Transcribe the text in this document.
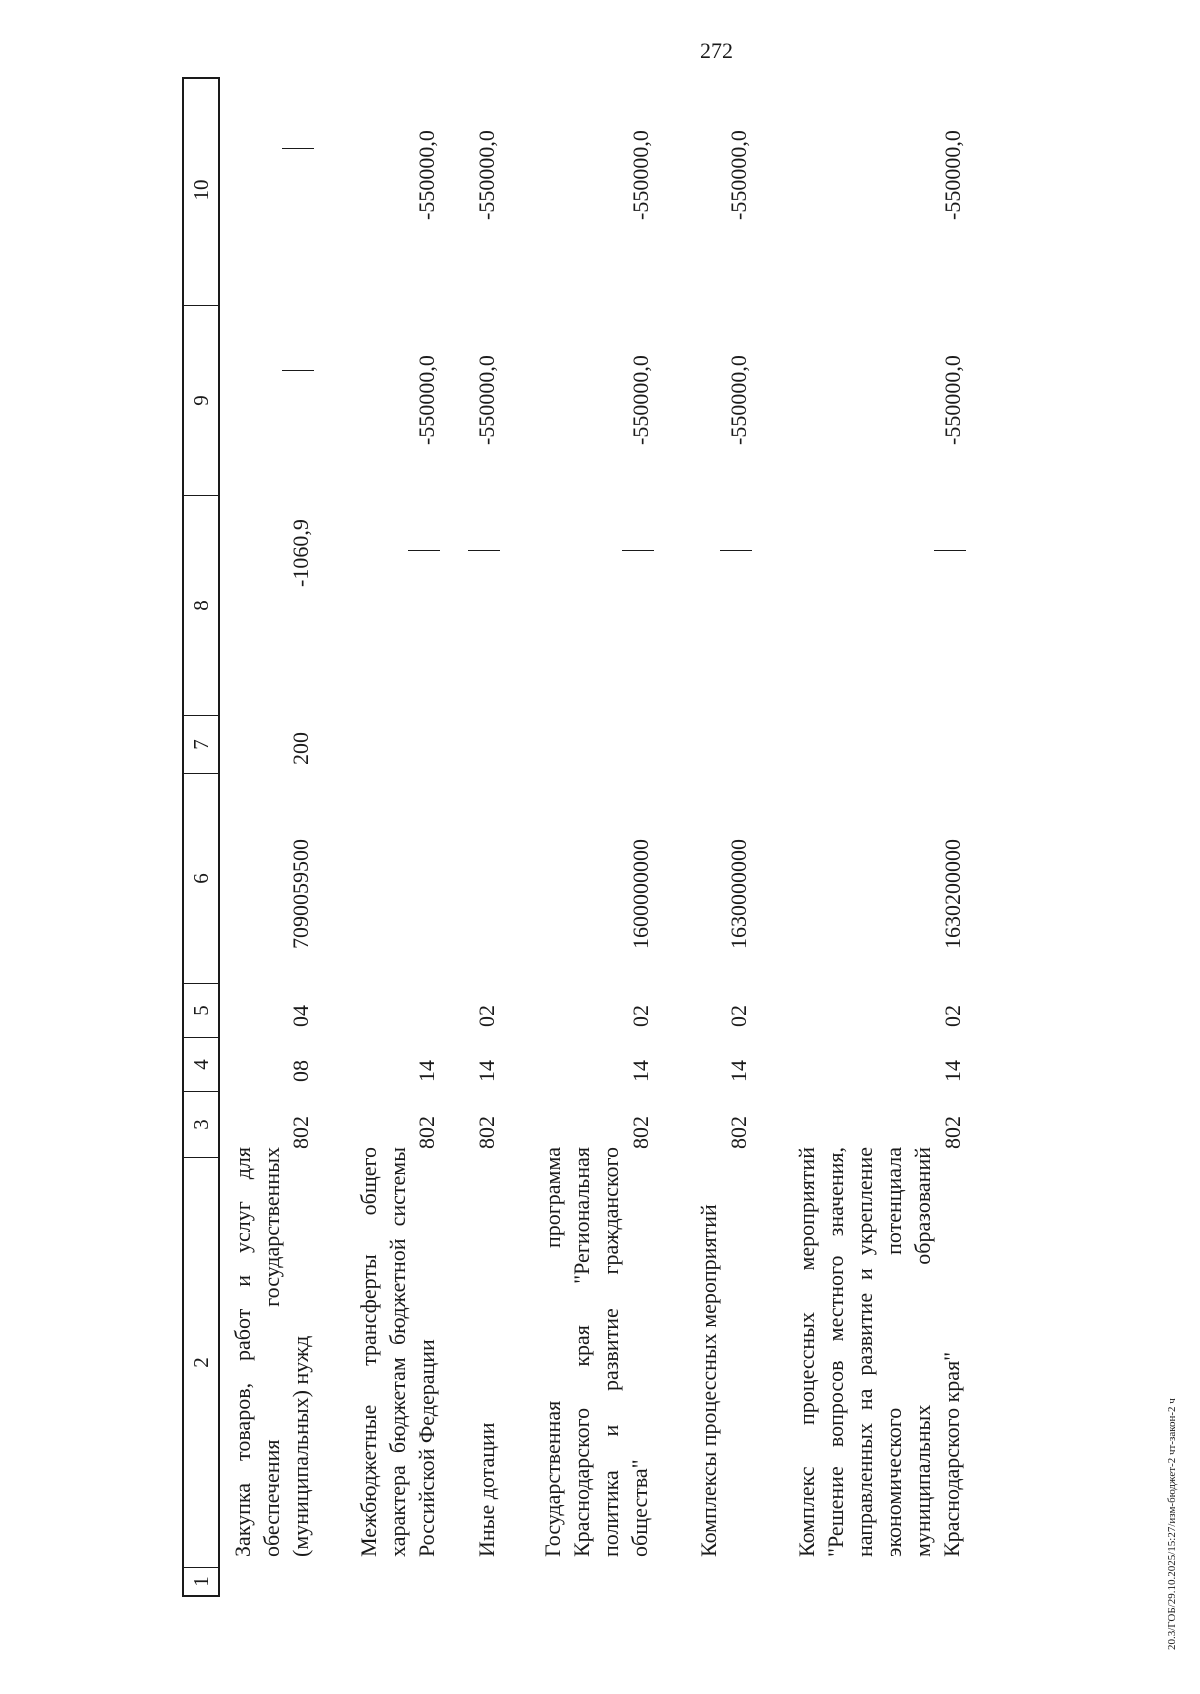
272
20.3/ГОБ/29.10.2025/15:27/изм-бюджет-2 чт-закон-2 ч
1
2
3
4
5
6
7
8
9
10
Закупка товаров, работ и услуг для обеспечения государственных (муниципальных) нужд
802
08
04
7090059500
200
-1060,9
Межбюджетные трансферты общего характера бюджетам бюджетной системы Российской Федерации
802
14
-550000,0
-550000,0
Иные дотации
802
14
02
-550000,0
-550000,0
Государственная программа Краснодарского края "Региональная политика и развитие гражданского общества"
802
14
02
1600000000
-550000,0
-550000,0
Комплексы процессных мероприятий
802
14
02
1630000000
-550000,0
-550000,0
Комплекс процессных мероприятий "Решение вопросов местного значения, направленных на развитие и укрепление экономического потенциала муниципальных образований Краснодарского края"
802
14
02
1630200000
-550000,0
-550000,0
